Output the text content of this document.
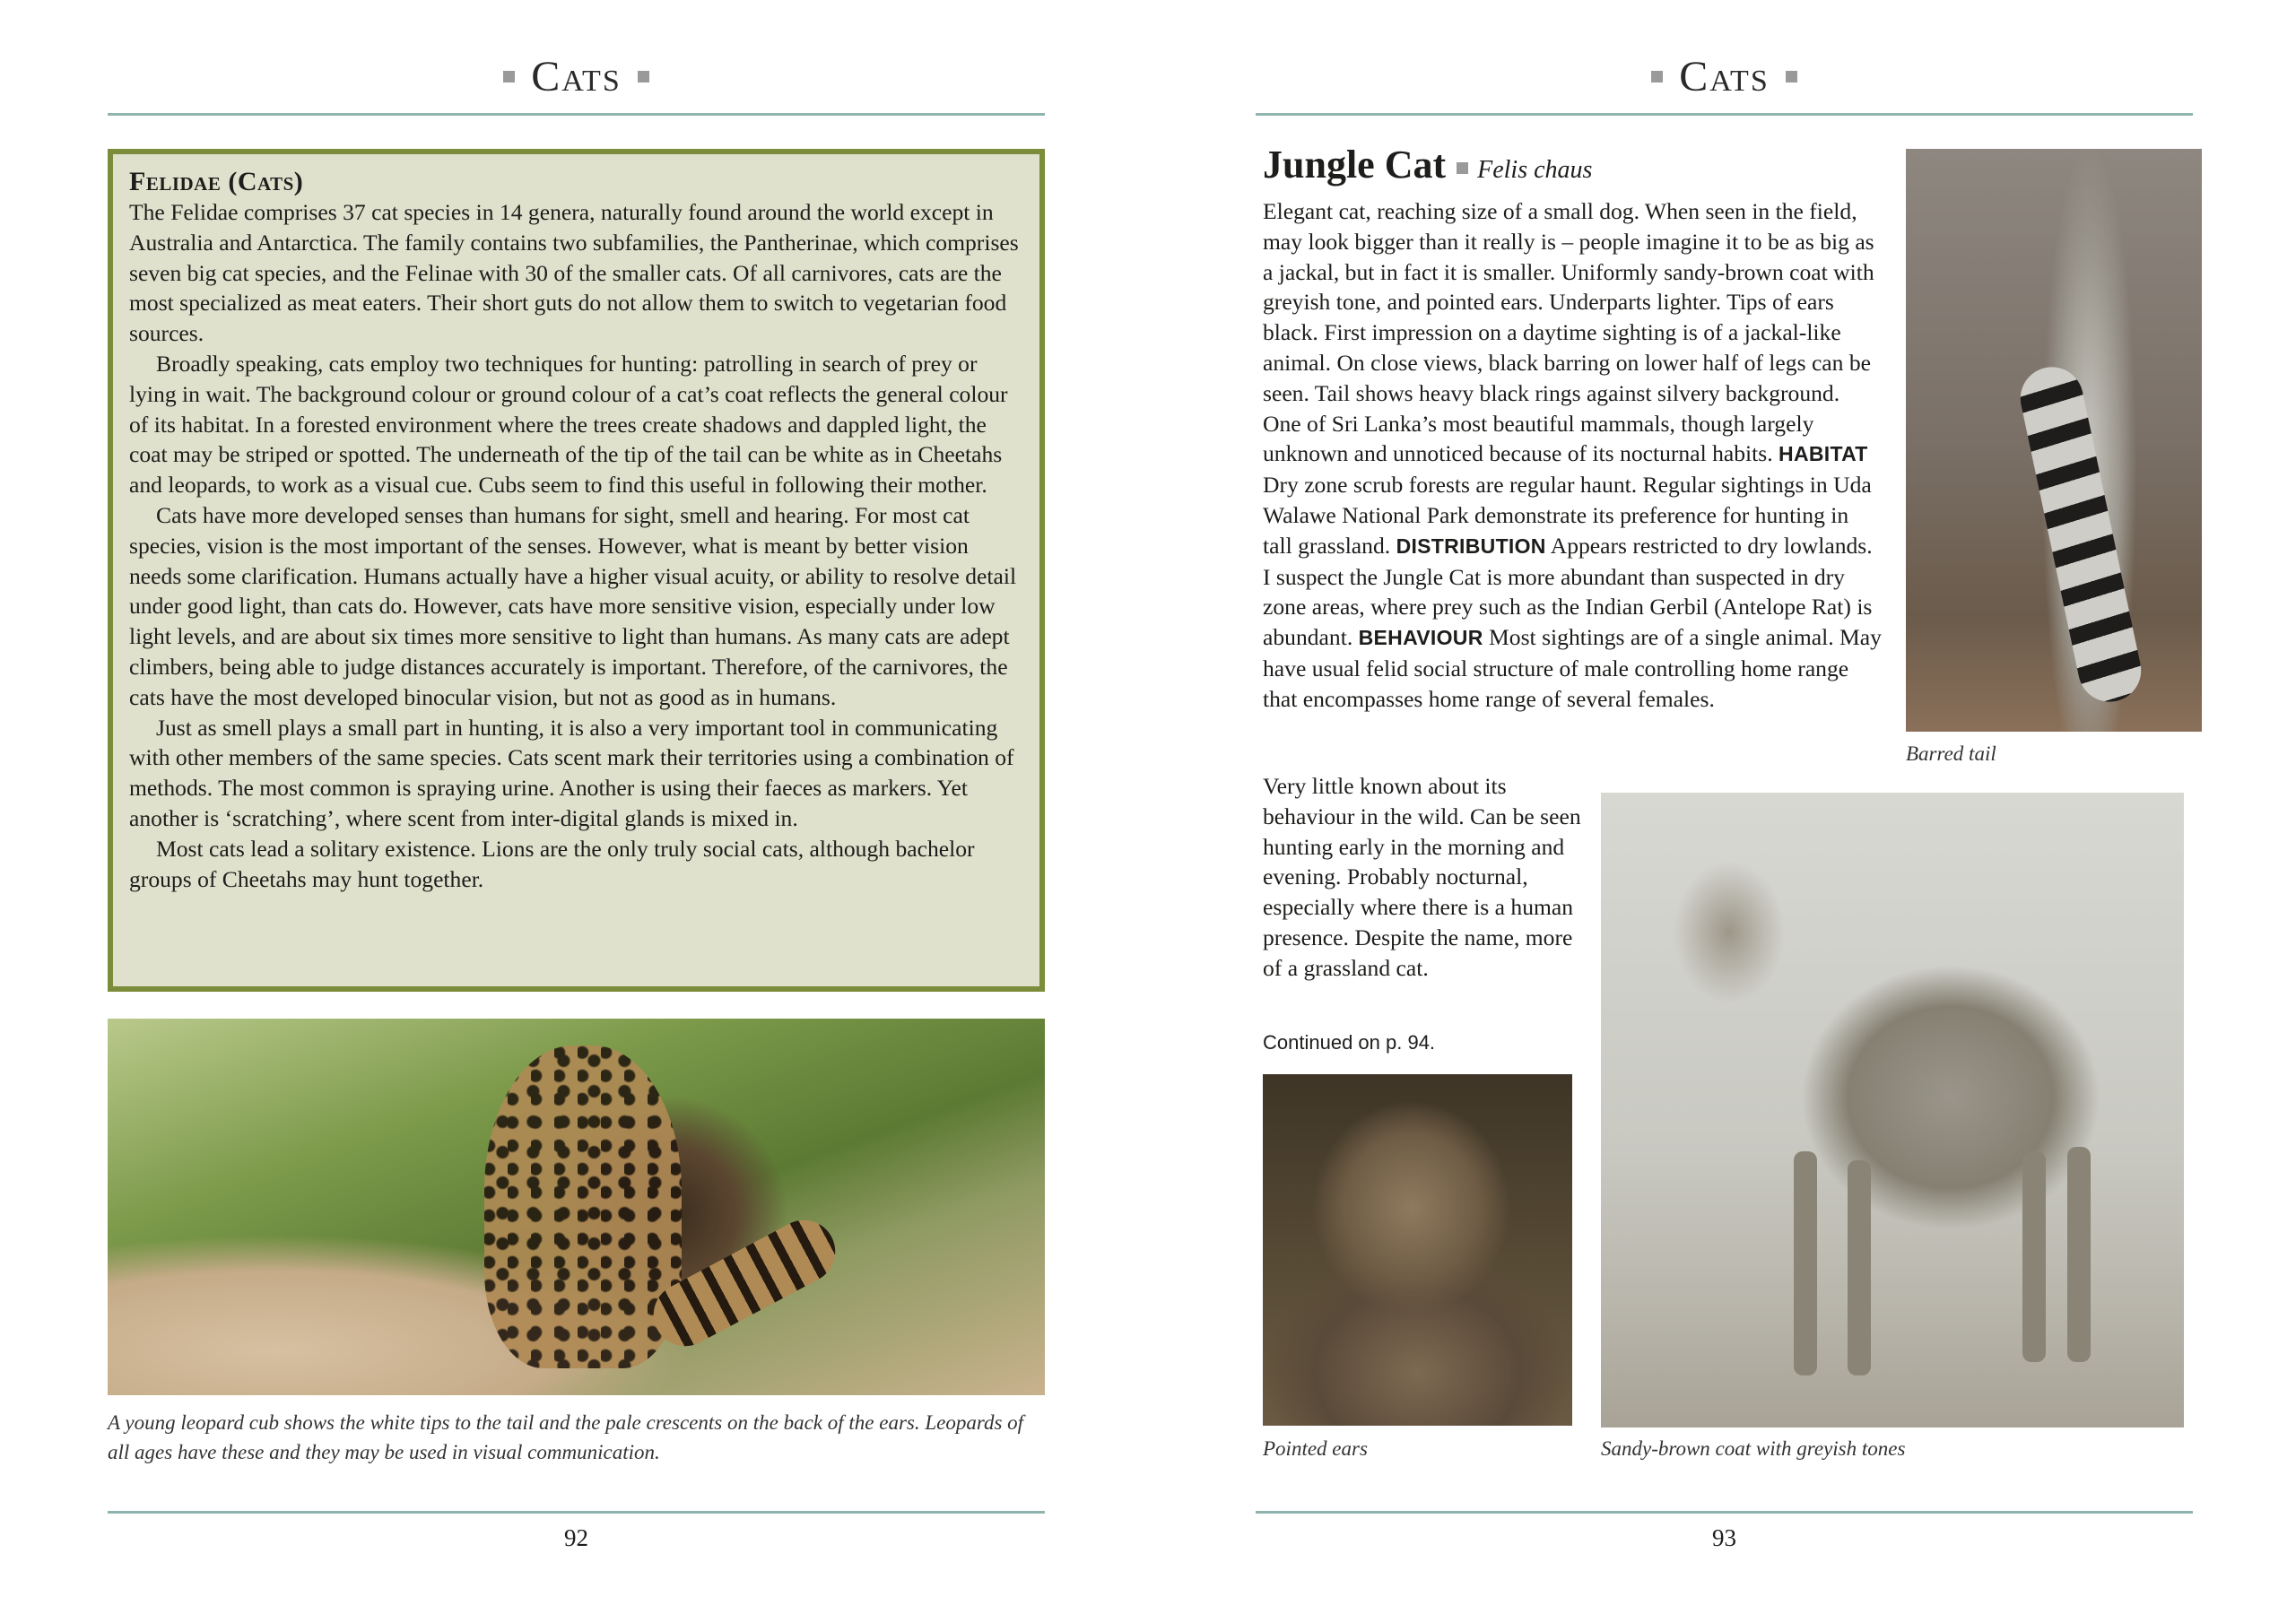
Cats
Felidae (Cats)

The Felidae comprises 37 cat species in 14 genera, naturally found around the world except in Australia and Antarctica. The family contains two subfamilies, the Pantherinae, which comprises seven big cat species, and the Felinae with 30 of the smaller cats. Of all carnivores, cats are the most specialized as meat eaters. Their short guts do not allow them to switch to vegetarian food sources.

Broadly speaking, cats employ two techniques for hunting: patrolling in search of prey or lying in wait. The background colour or ground colour of a cat’s coat reflects the general colour of its habitat. In a forested environment where the trees create shadows and dappled light, the coat may be striped or spotted. The underneath of the tip of the tail can be white as in Cheetahs and leopards, to work as a visual cue. Cubs seem to find this useful in following their mother.

Cats have more developed senses than humans for sight, smell and hearing. For most cat species, vision is the most important of the senses. However, what is meant by better vision needs some clarification. Humans actually have a higher visual acuity, or ability to resolve detail under good light, than cats do. However, cats have more sensitive vision, especially under low light levels, and are about six times more sensitive to light than humans. As many cats are adept climbers, being able to judge distances accurately is important. Therefore, of the carnivores, the cats have the most developed binocular vision, but not as good as in humans.

Just as smell plays a small part in hunting, it is also a very important tool in communicating with other members of the same species. Cats scent mark their territories using a combination of methods. The most common is spraying urine. Another is using their faeces as markers. Yet another is ‘scratching’, where scent from inter-digital glands is mixed in.

Most cats lead a solitary existence. Lions are the only truly social cats, although bachelor groups of Cheetahs may hunt together.

A young leopard cub shows the white tips to the tail and the pale crescents on the back of the ears. Leopards of all ages have these and they may be used in visual communication.
92
Cats
Jungle Cat Felis chaus

Elegant cat, reaching size of a small dog. When seen in the field, may look bigger than it really is – people imagine it to be as big as a jackal, but in fact it is smaller. Uniformly sandy-brown coat with greyish tone, and pointed ears. Underparts lighter. Tips of ears black. First impression on a daytime sighting is of a jackal-like animal. On close views, black barring on lower half of legs can be seen. Tail shows heavy black rings against silvery background. One of Sri Lanka’s most beautiful mammals, though largely unknown and unnoticed because of its nocturnal habits. HABITAT Dry zone scrub forests are regular haunt. Regular sightings in Uda Walawe National Park demonstrate its preference for hunting in tall grassland. DISTRIBUTION Appears restricted to dry lowlands. I suspect the Jungle Cat is more abundant than suspected in dry zone areas, where prey such as the Indian Gerbil (Antelope Rat) is abundant. BEHAVIOUR Most sightings are of a single animal. May have usual felid social structure of male controlling home range that encompasses home range of several females.

Very little known about its behaviour in the wild. Can be seen hunting early in the morning and evening. Probably nocturnal, especially where there is a human presence. Despite the name, more of a grassland cat.

Continued on p. 94.
Barred tail
Pointed ears	Sandy-brown coat with greyish tones
93
